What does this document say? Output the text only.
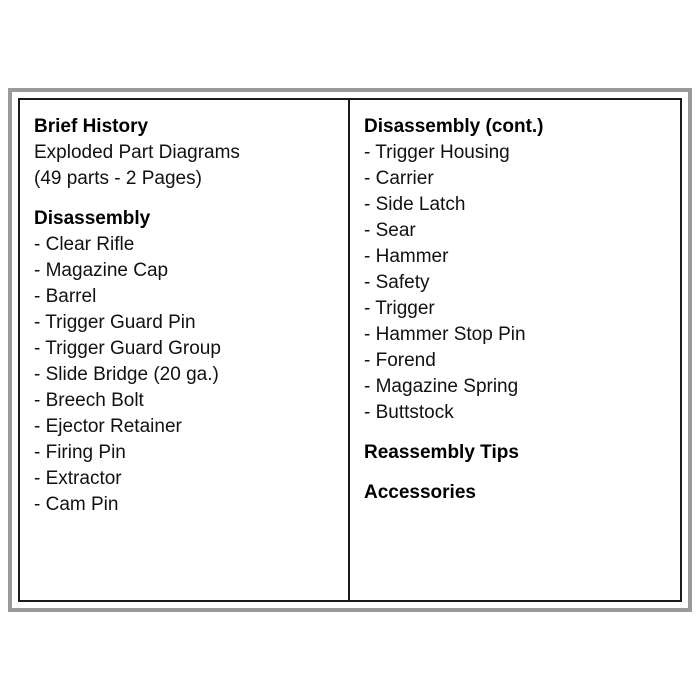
Brief History
Exploded Part Diagrams
(49 parts - 2 Pages)
Disassembly
- Clear Rifle
- Magazine Cap
- Barrel
- Trigger Guard Pin
- Trigger Guard Group
- Slide Bridge (20 ga.)
- Breech Bolt
- Ejector Retainer
- Firing Pin
- Extractor
- Cam Pin
Disassembly (cont.)
- Trigger Housing
- Carrier
- Side Latch
- Sear
- Hammer
- Safety
- Trigger
- Hammer Stop Pin
- Forend
- Magazine Spring
- Buttstock
Reassembly Tips
Accessories
